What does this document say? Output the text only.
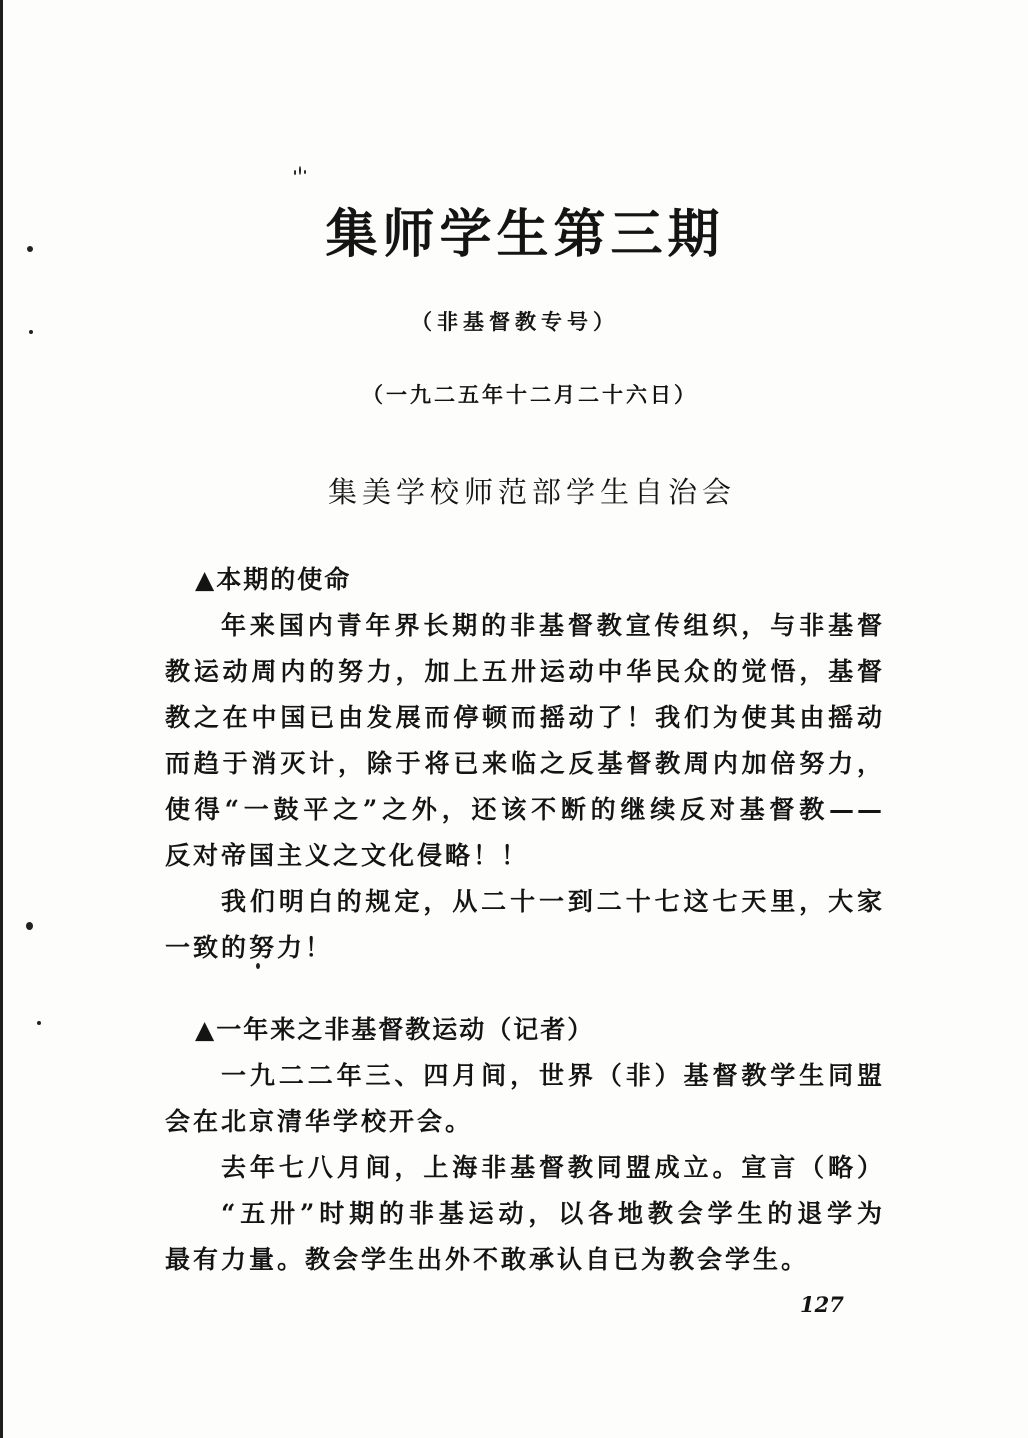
集师学生第三期
（非基督教专号）
（一九二五年十二月二十六日）
集美学校师范部学生自治会
▲本期的使命
年来国内青年界长期的非基督教宣传组织，与非基督
教运动周内的努力，加上五卅运动中华民众的觉悟，基督
教之在中国已由发展而停顿而摇动了！我们为使其由摇动
而趋于消灭计，除于将已来临之反基督教周内加倍努力，
使得“一鼓平之”之外，还该不断的继续反对基督教——
反对帝国主义之文化侵略！！
我们明白的规定，从二十一到二十七这七天里，大家
一致的努力！
▲一年来之非基督教运动（记者）
一九二二年三、四月间，世界（非）基督教学生同盟
会在北京清华学校开会。
去年七八月间，上海非基督教同盟成立。宣言（略）
“五卅”时期的非基运动，以各地教会学生的退学为
最有力量。教会学生出外不敢承认自已为教会学生。
127
